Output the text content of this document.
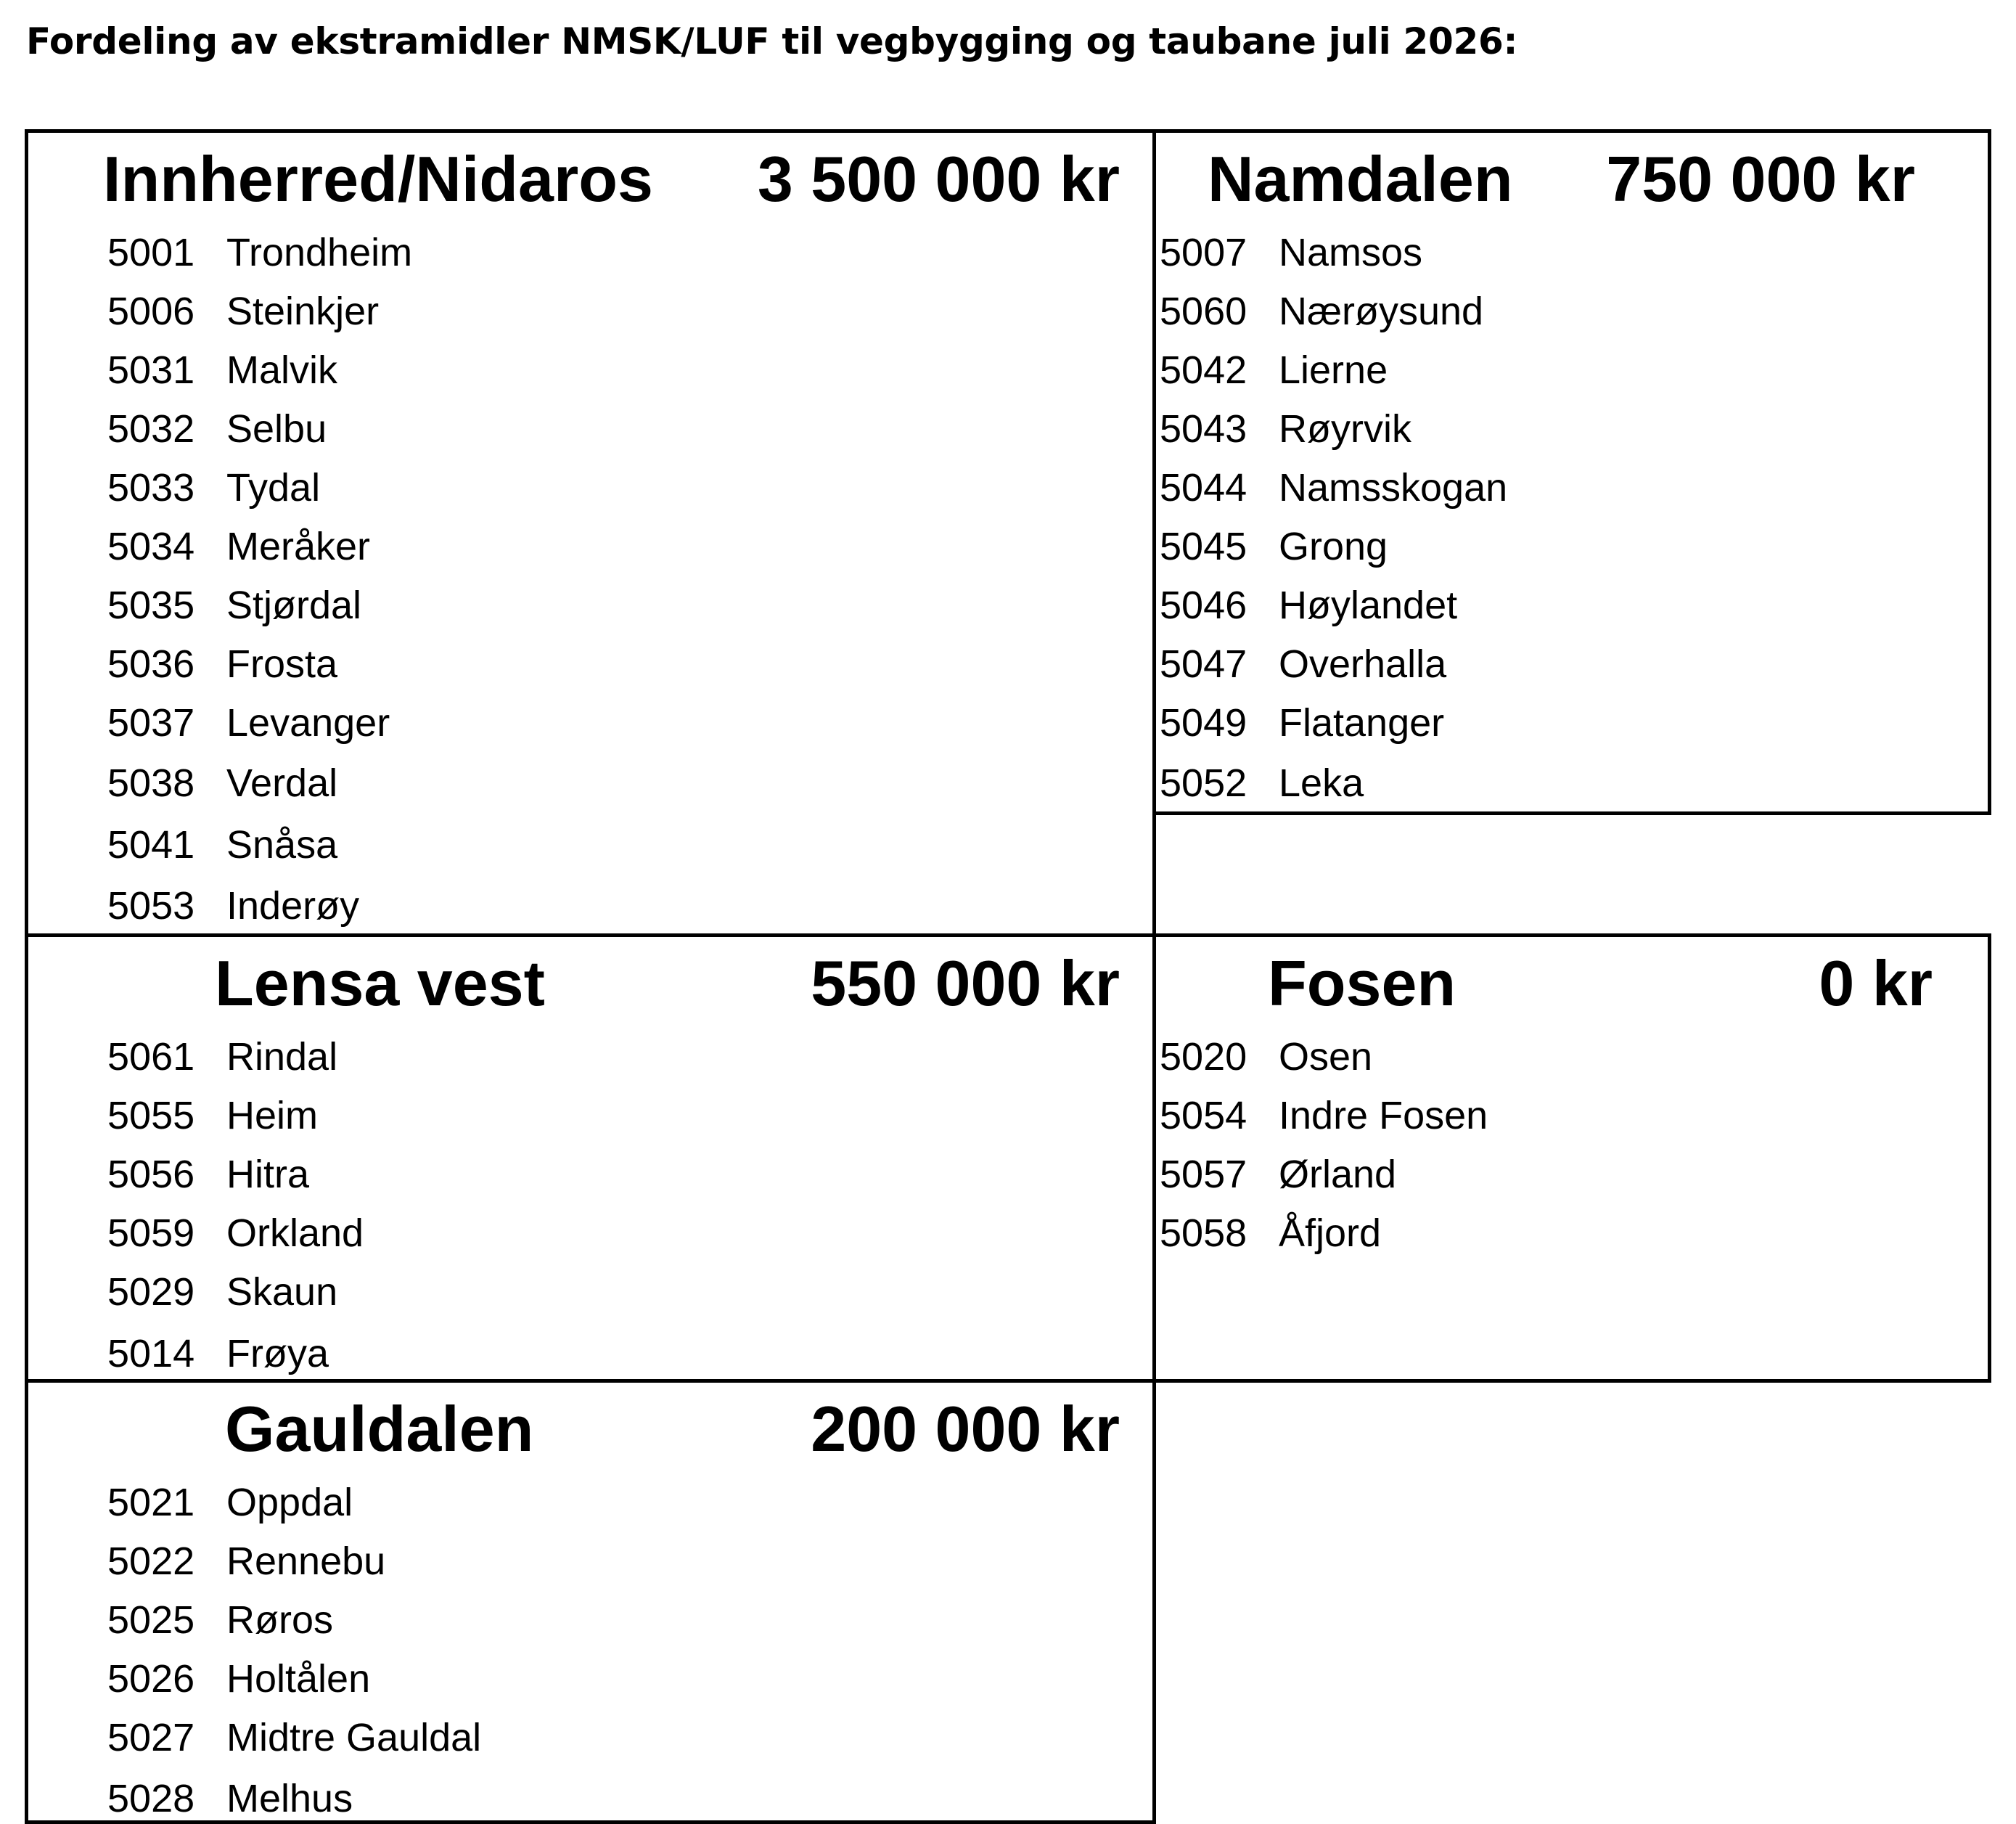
Fordeling av ekstramidler NMSK/LUF til vegbygging og taubane juli 2026:
Innherred/Nidaros	3 500 000 kr
5001 Trondheim
5006 Steinkjer
5031 Malvik
5032 Selbu
5033 Tydal
5034 Meråker
5035 Stjørdal
5036 Frosta
5037 Levanger
5038 Verdal
5041 Snåsa
5053 Inderøy
Namdalen 750 000 kr
5007 Namsos
5060 Nærøysund
5042 Lierne
5043 Røyrvik
5044 Namsskogan
5045 Grong
5046 Høylandet
5047 Overhalla
5049 Flatanger
5052 Leka
Lensa vest	550 000 kr
5061 Rindal
5055 Heim
5056 Hitra
5059 Orkland
5029 Skaun
5014 Frøya
Fosen	0 kr
5020 Osen
5054 Indre Fosen
5057 Ørland
5058 Åfjord
Gauldalen	200 000 kr
5021 Oppdal
5022 Rennebu
5025 Røros
5026 Holtålen
5027 Midtre Gauldal
5028 Melhus
